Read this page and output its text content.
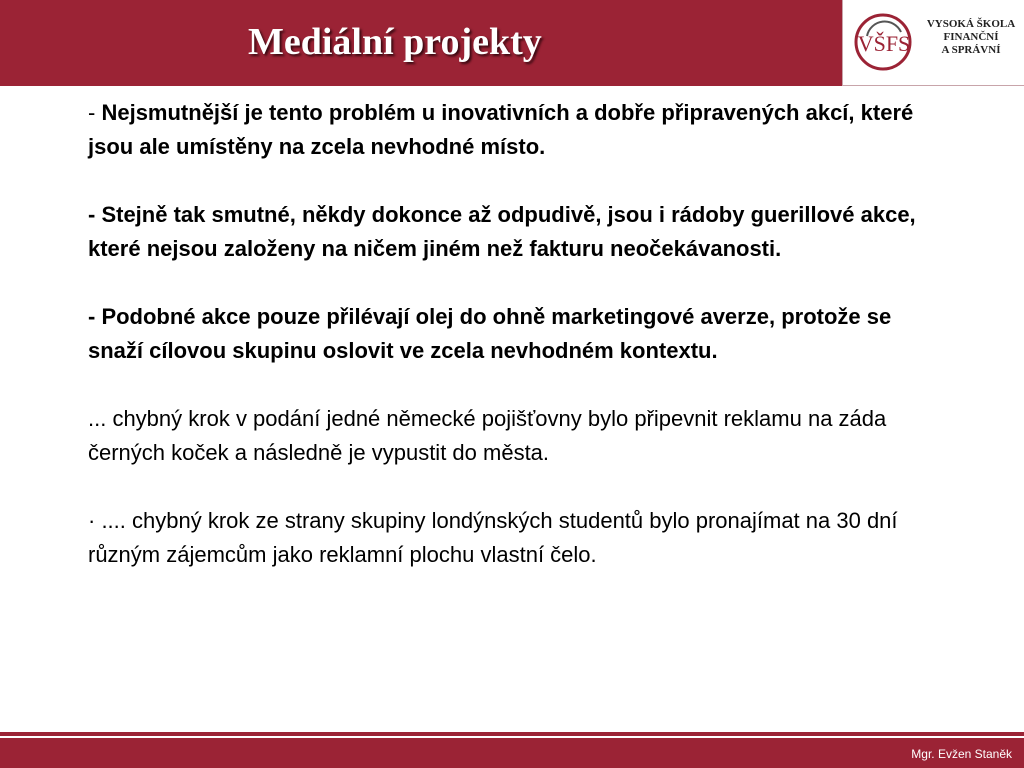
Mediální projekty	VŠFS
VYSOKÁ ŠKOLA
FINANČNÍ
A SPRÁVNÍ

- Nejsmutnější je tento problém u inovativních a dobře připravených akcí, které jsou ale umístěny na zcela nevhodné místo.

- Stejně tak smutné, někdy dokonce až odpudivě, jsou i rádoby guerillové akce, které nejsou založeny na ničem jiném než fakturu neočekávanosti.

- Podobné akce pouze přilévají olej do ohně marketingové averze, protože se snaží cílovou skupinu oslovit ve zcela nevhodném kontextu.

... chybný krok v podání jedné německé pojišťovny bylo připevnit reklamu na záda černých koček a následně je vypustit do města.

· .... chybný krok ze strany skupiny londýnských studentů bylo pronajímat na 30 dní různým zájemcům jako reklamní plochu vlastní čelo.

Mgr. Evžen Staněk
